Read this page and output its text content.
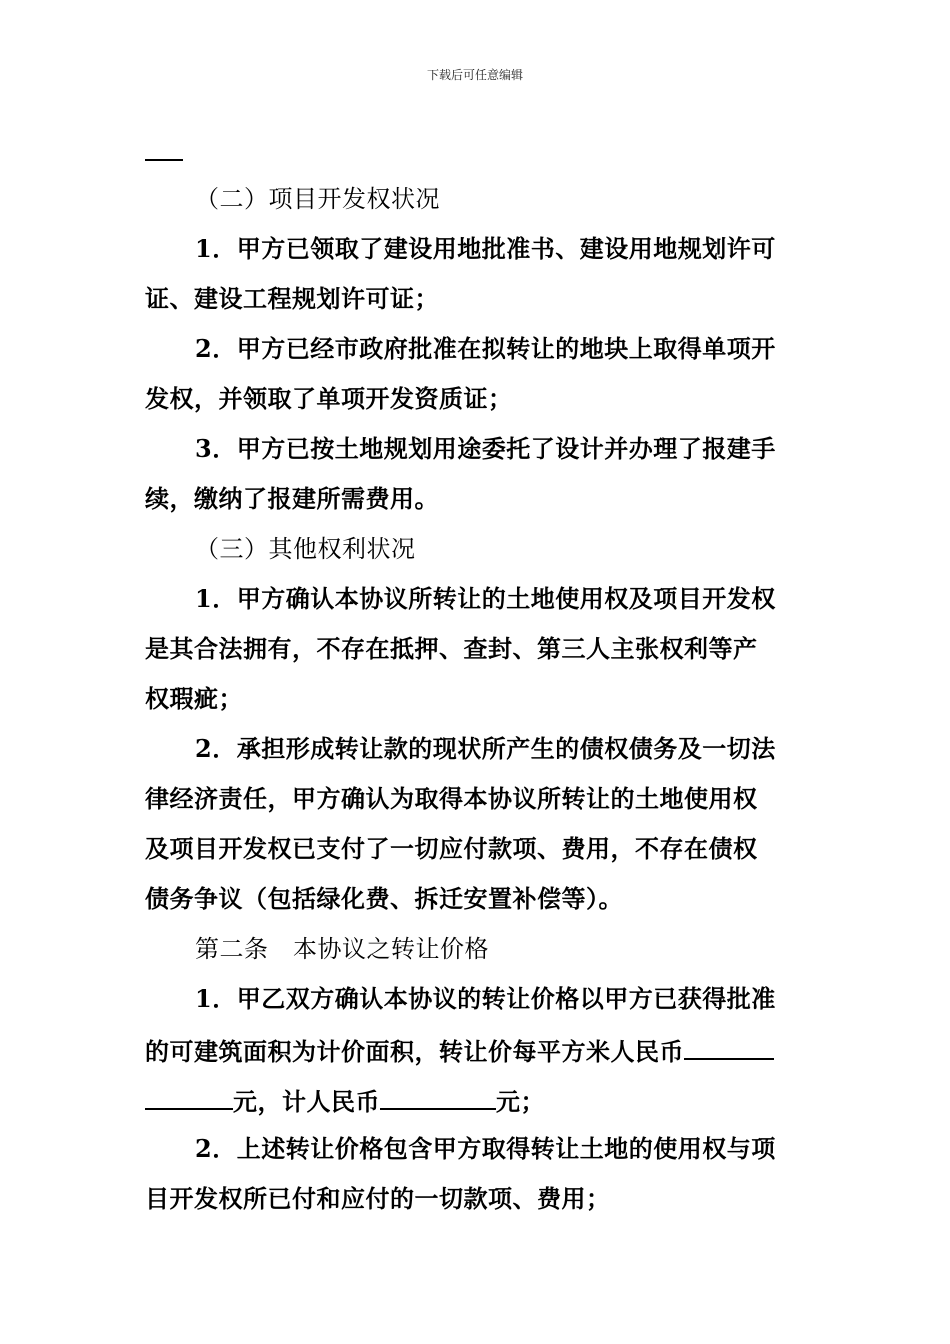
下载后可任意编辑
（二）项目开发权状况
1．甲方已领取了建设用地批准书、建设用地规划许可
证、建设工程规划许可证；
2．甲方已经市政府批准在拟转让的地块上取得单项开
发权，并领取了单项开发资质证；
3．甲方已按土地规划用途委托了设计并办理了报建手
续，缴纳了报建所需费用。
（三）其他权利状况
1．甲方确认本协议所转让的土地使用权及项目开发权
是其合法拥有，不存在抵押、查封、第三人主张权利等产
权瑕疵；
2．承担形成转让款的现状所产生的债权债务及一切法
律经济责任，甲方确认为取得本协议所转让的土地使用权
及项目开发权已支付了一切应付款项、费用，不存在债权
债务争议（包括绿化费、拆迁安置补偿等）。
第二条　本协议之转让价格
1．甲乙双方确认本协议的转让价格以甲方已获得批准
的可建筑面积为计价面积，转让价每平方米人民币
元，计人民币	元；
2．上述转让价格包含甲方取得转让土地的使用权与项
目开发权所已付和应付的一切款项、费用；
